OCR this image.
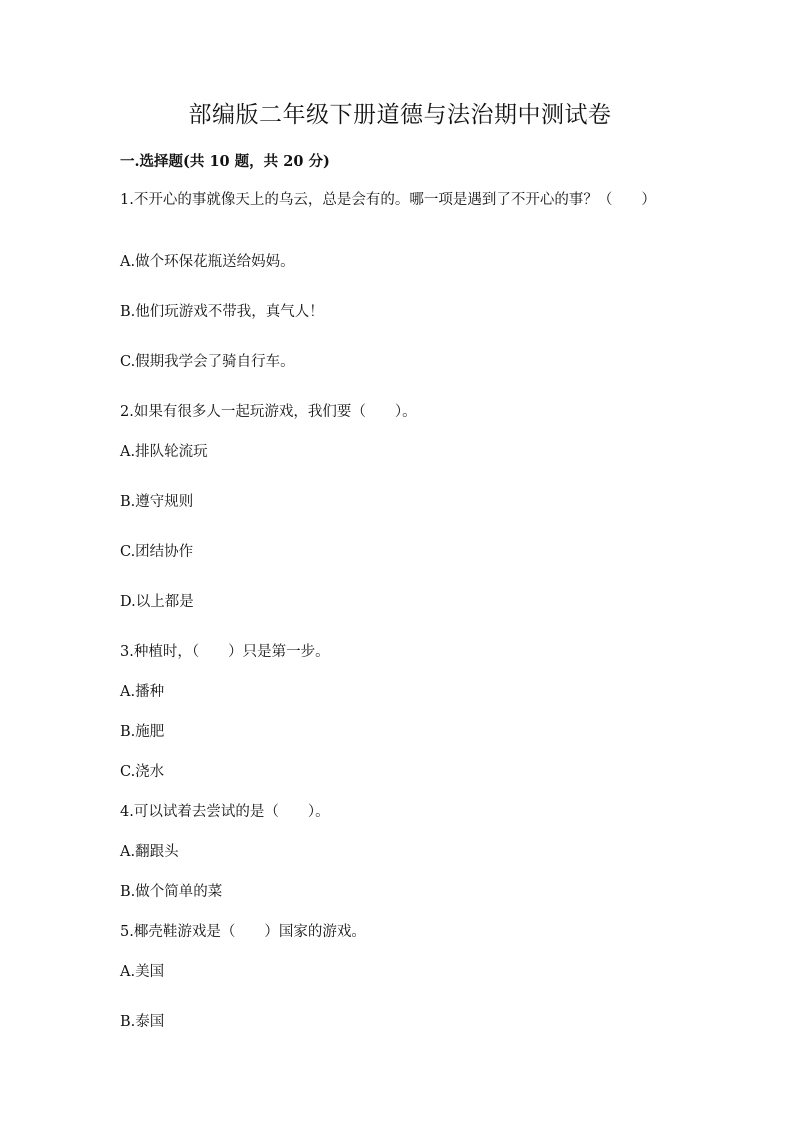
部编版二年级下册道德与法治期中测试卷
一.选择题(共 10 题，共 20 分)
1.不开心的事就像天上的乌云，总是会有的。哪一项是遇到了不开心的事？（　　）
A.做个环保花瓶送给妈妈。
B.他们玩游戏不带我，真气人！
C.假期我学会了骑自行车。
2.如果有很多人一起玩游戏，我们要（　　）。
A.排队轮流玩
B.遵守规则
C.团结协作
D.以上都是
3.种植时，（　　）只是第一步。
A.播种
B.施肥
C.浇水
4.可以试着去尝试的是（　　）。
A.翻跟头
B.做个简单的菜
5.椰壳鞋游戏是（　　）国家的游戏。
A.美国
B.泰国
